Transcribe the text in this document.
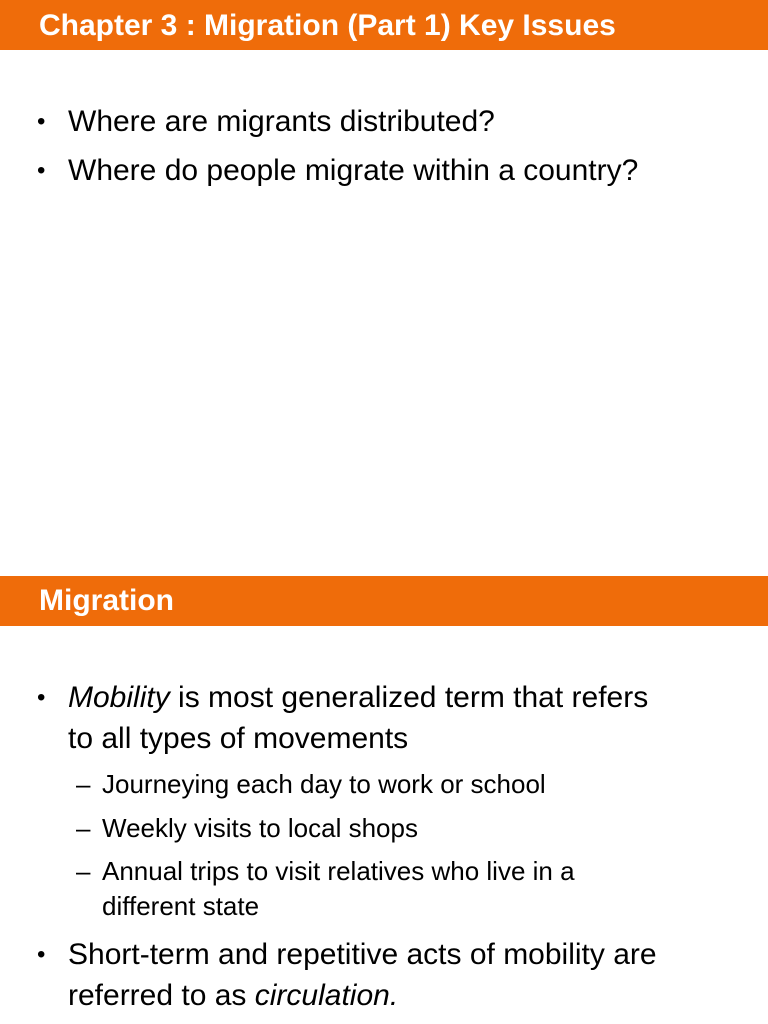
Chapter 3 : Migration (Part 1) Key Issues
• Where are migrants distributed?
• Where do people migrate within a country?
Migration
• Mobility is most generalized term that refers to all types of movements
– Journeying each day to work or school
– Weekly visits to local shops
– Annual trips to visit relatives who live in a different state
• Short-term and repetitive acts of mobility are referred to as circulation.
